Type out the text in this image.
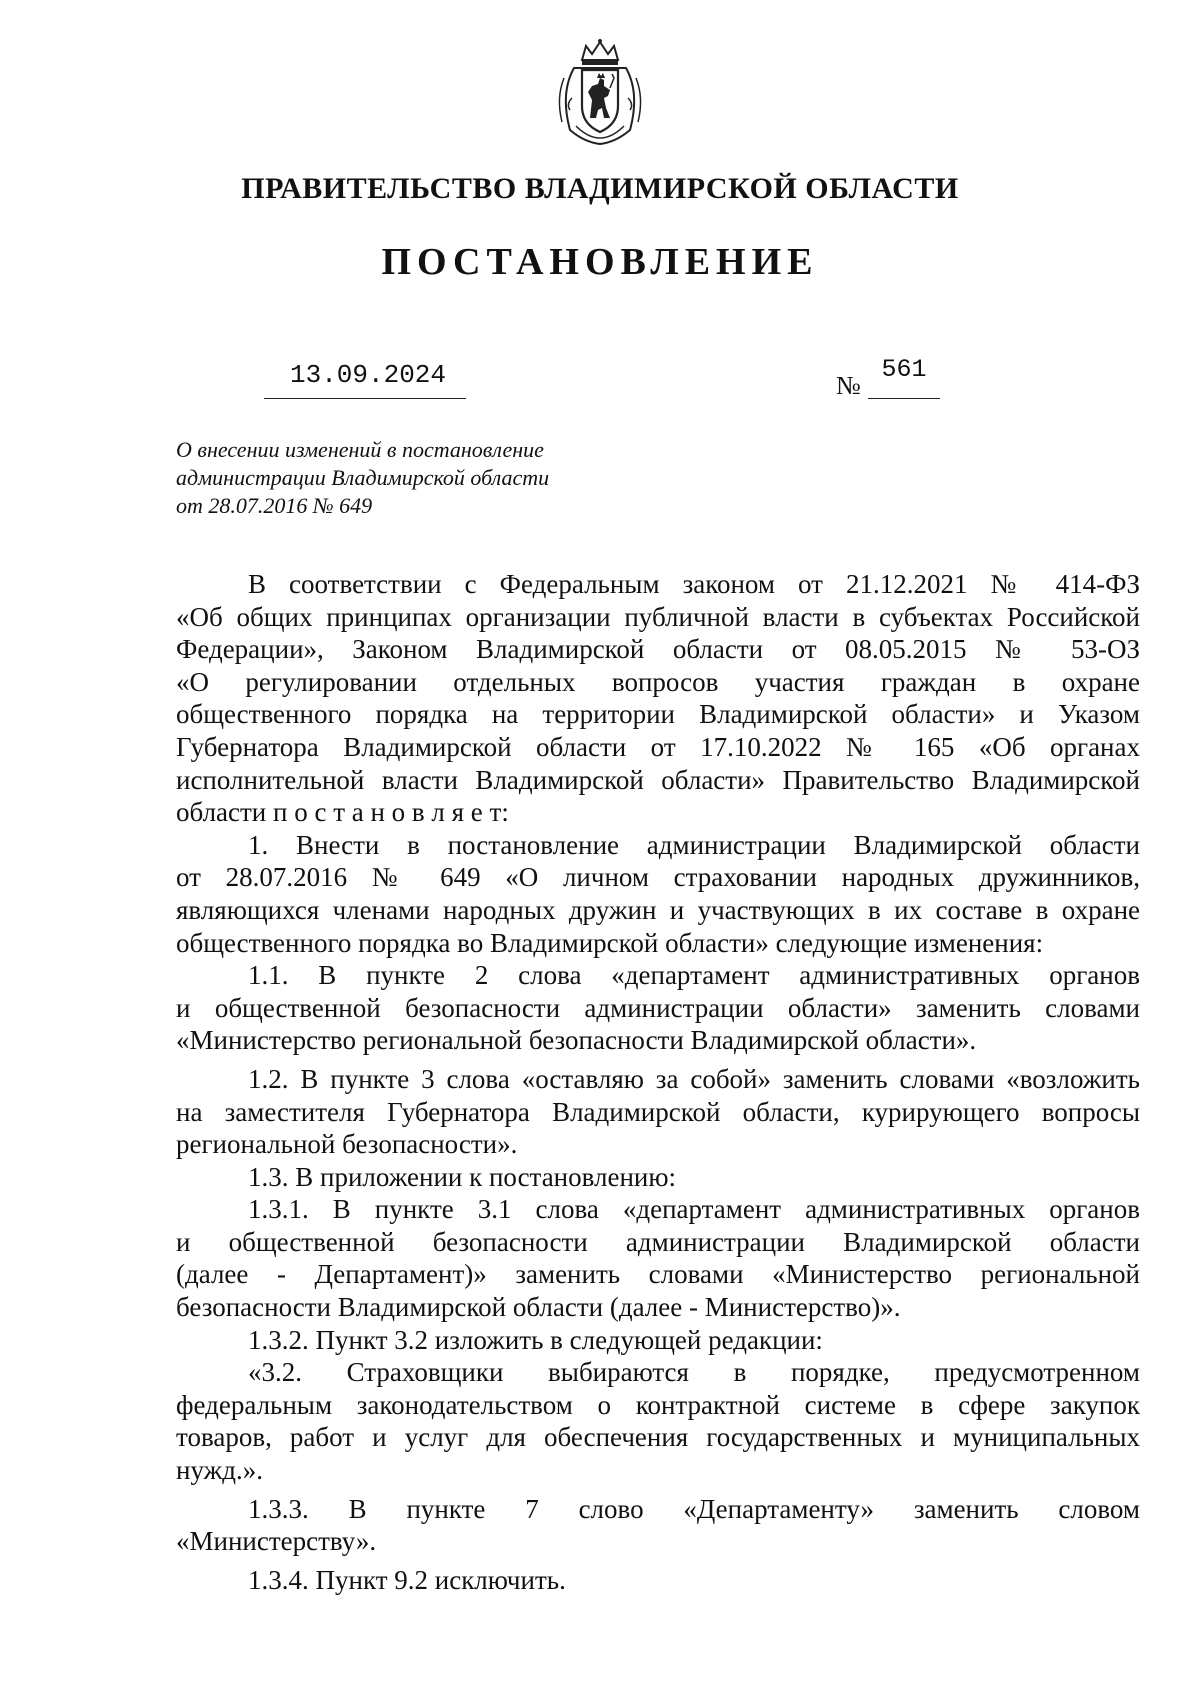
ПРАВИТЕЛЬСТВО ВЛАДИМИРСКОЙ ОБЛАСТИ
ПОСТАНОВЛЕНИЕ
13.09.2024	№
561
О внесении изменений в постановление
администрации Владимирской области
от 28.07.2016 № 649
В соответствии с Федеральным законом от 21.12.2021 № 414-ФЗ
«Об общих принципах организации публичной власти в субъектах Российской
Федерации», Законом Владимирской области от 08.05.2015 № 53-ОЗ
«О регулировании отдельных вопросов участия граждан в охране
общественного порядка на территории Владимирской области» и Указом
Губернатора Владимирской области от 17.10.2022 № 165 «Об органах
исполнительной власти Владимирской области» Правительство Владимирской
области п о с т а н о в л я е т:
1. Внести в постановление администрации Владимирской области
от 28.07.2016 № 649 «О личном страховании народных дружинников,
являющихся членами народных дружин и участвующих в их составе в охране
общественного порядка во Владимирской области» следующие изменения:
1.1. В пункте 2 слова «департамент административных органов
и общественной безопасности администрации области» заменить словами
«Министерство региональной безопасности Владимирской области».
1.2. В пункте 3 слова «оставляю за собой» заменить словами «возложить
на заместителя Губернатора Владимирской области, курирующего вопросы
региональной безопасности».
1.3. В приложении к постановлению:
1.3.1. В пункте 3.1 слова «департамент административных органов
и общественной безопасности администрации Владимирской области
(далее - Департамент)» заменить словами «Министерство региональной
безопасности Владимирской области (далее - Министерство)».
1.3.2. Пункт 3.2 изложить в следующей редакции:
«3.2. Страховщики выбираются в порядке, предусмотренном
федеральным законодательством о контрактной системе в сфере закупок
товаров, работ и услуг для обеспечения государственных и муниципальных
нужд.».
1.3.3. В пункте 7 слово «Департаменту» заменить словом
«Министерству».
1.3.4. Пункт 9.2 исключить.
